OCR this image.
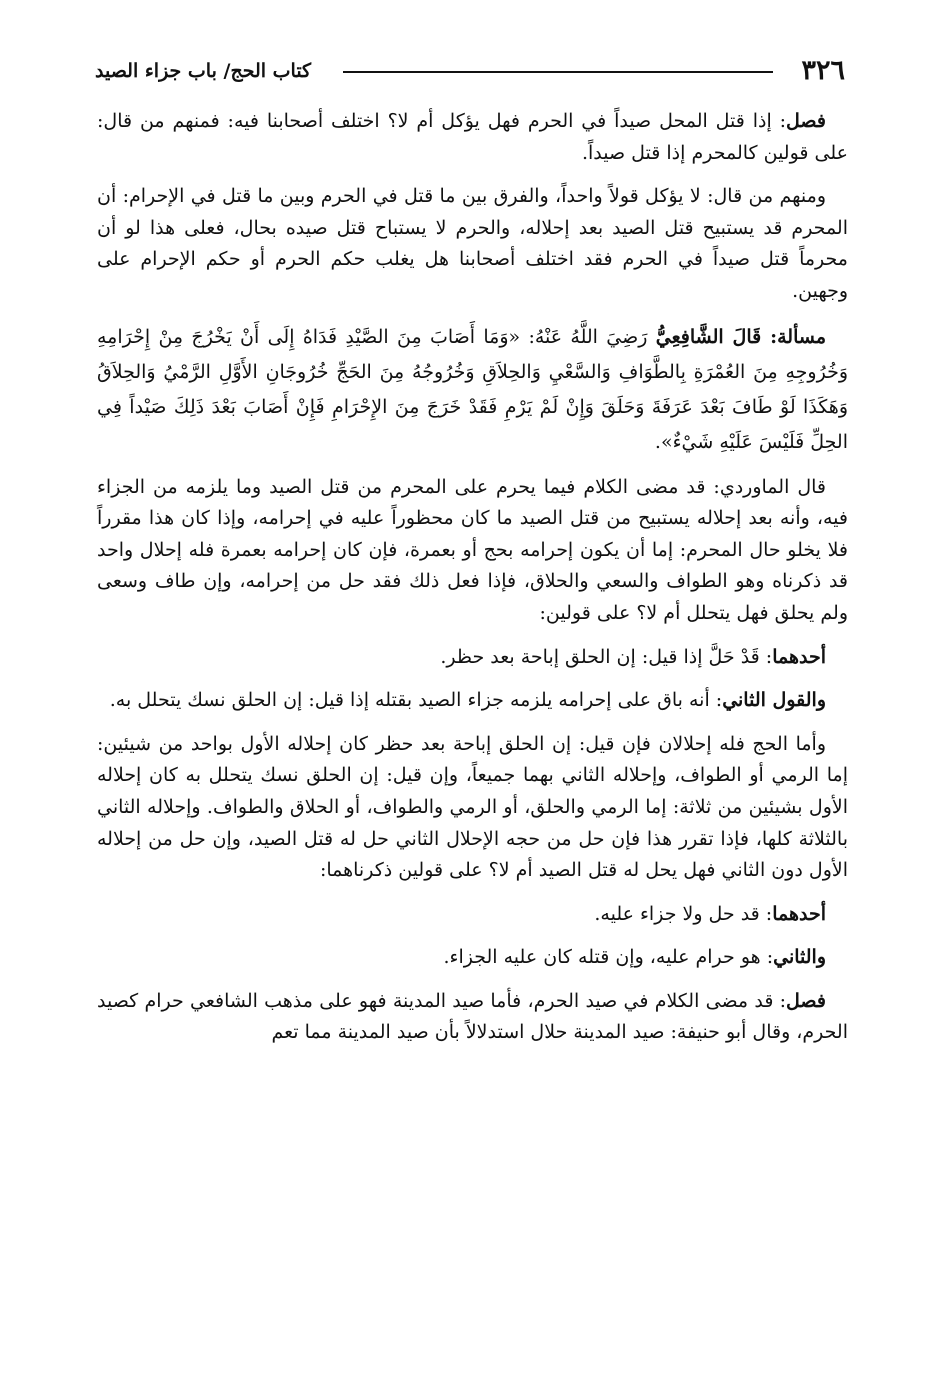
٣٢٦
كتاب الحج/ باب جزاء الصيد

فصل: إذا قتل المحل صيداً في الحرم فهل يؤكل أم لا؟ اختلف أصحابنا فيه: فمنهم من قال: على قولين كالمحرم إذا قتل صيداً.

ومنهم من قال: لا يؤكل قولاً واحداً، والفرق بين ما قتل في الحرم وبين ما قتل في الإحرام: أن المحرم قد يستبيح قتل الصيد بعد إحلاله، والحرم لا يستباح قتل صيده بحال، فعلى هذا لو أن محرماً قتل صيداً في الحرم فقد اختلف أصحابنا هل يغلب حكم الحرم أو حكم الإحرام على وجهين.

مسألة: قَالَ الشَّافِعِيُّ رَضِيَ اللَّهُ عَنْهُ: «وَمَا أَصَابَ مِنَ الصَّيْدِ فَدَاهُ إِلَى أَنْ يَخْرُجَ مِنْ إِحْرَامِهِ وَخُرُوجِهِ مِنَ العُمْرَةِ بِالطَّوَافِ وَالسَّعْيِ وَالحِلاَقِ وَخُرُوجُهُ مِنَ الحَجِّ خُرُوجَانِ الأَوَّلِ الرَّمْيُ وَالحِلاَقُ وَهَكَذَا لَوْ طَافَ بَعْدَ عَرَفَةَ وَحَلَقَ وَإِنْ لَمْ يَرْمِ فَقَدْ خَرَجَ مِنَ الإِحْرَامِ فَإِنْ أَصَابَ بَعْدَ ذَلِكَ صَيْداً فِي الحِلِّ فَلَيْسَ عَلَيْهِ شَيْءٌ».

قال الماوردي: قد مضى الكلام فيما يحرم على المحرم من قتل الصيد وما يلزمه من الجزاء فيه، وأنه بعد إحلاله يستبيح من قتل الصيد ما كان محظوراً عليه في إحرامه، وإذا كان هذا مقرراً فلا يخلو حال المحرم: إما أن يكون إحرامه بحج أو بعمرة، فإن كان إحرامه بعمرة فله إحلال واحد قد ذكرناه وهو الطواف والسعي والحلاق، فإذا فعل ذلك فقد حل من إحرامه، وإن طاف وسعى ولم يحلق فهل يتحلل أم لا؟ على قولين:

أحدهما: قَدْ حَلَّ إذا قيل: إن الحلق إباحة بعد حظر.

والقول الثاني: أنه باق على إحرامه يلزمه جزاء الصيد بقتله إذا قيل: إن الحلق نسك يتحلل به.

وأما الحج فله إحلالان فإن قيل: إن الحلق إباحة بعد حظر كان إحلاله الأول بواحد من شيئين: إما الرمي أو الطواف، وإحلاله الثاني بهما جميعاً، وإن قيل: إن الحلق نسك يتحلل به كان إحلاله الأول بشيئين من ثلاثة: إما الرمي والحلق، أو الرمي والطواف، أو الحلاق والطواف. وإحلاله الثاني بالثلاثة كلها، فإذا تقرر هذا فإن حل من حجه الإحلال الثاني حل له قتل الصيد، وإن حل من إحلاله الأول دون الثاني فهل يحل له قتل الصيد أم لا؟ على قولين ذكرناهما:

أحدهما: قد حل ولا جزاء عليه.

والثاني: هو حرام عليه، وإن قتله كان عليه الجزاء.

فصل: قد مضى الكلام في صيد الحرم، فأما صيد المدينة فهو على مذهب الشافعي حرام كصيد الحرم، وقال أبو حنيفة: صيد المدينة حلال استدلالاً بأن صيد المدينة مما تعم
